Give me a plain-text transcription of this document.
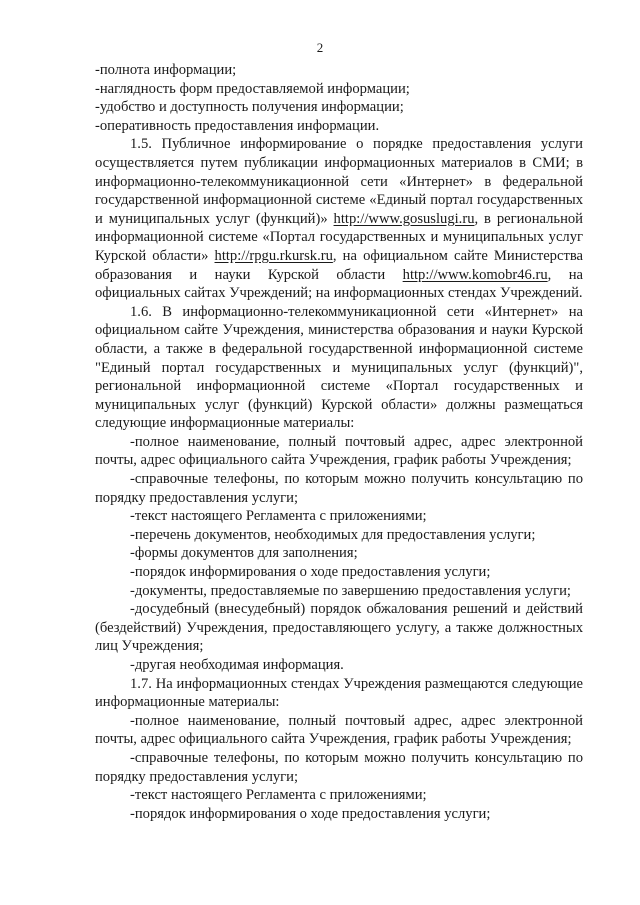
2

-полнота информации;

-наглядность форм предоставляемой информации;

-удобство и доступность получения информации;

-оперативность предоставления информации.

1.5. Публичное информирование о порядке предоставления услуги осуществляется путем публикации информационных материалов в СМИ; в информационно-телекоммуникационной сети «Интернет» в федеральной государственной информационной системе «Единый портал государственных и муниципальных услуг (функций)» http://www.gosuslugi.ru, в региональной информационной системе «Портал государственных и муниципальных услуг Курской области» http://rpgu.rkursk.ru, на официальном сайте Министерства образования и науки Курской области http://www.komobr46.ru, на официальных сайтах Учреждений; на информационных стендах Учреждений.

1.6. В информационно-телекоммуникационной сети «Интернет» на официальном сайте Учреждения, министерства образования и науки Курской области, а также в федеральной государственной информационной системе "Единый портал государственных и муниципальных услуг (функций)", региональной информационной системе «Портал государственных и муниципальных услуг (функций) Курской области» должны размещаться следующие информационные материалы:

-полное наименование, полный почтовый адрес, адрес электронной почты, адрес официального сайта Учреждения, график работы Учреждения;

-справочные телефоны, по которым можно получить консультацию по порядку предоставления услуги;

-текст настоящего Регламента с приложениями;

-перечень документов, необходимых для предоставления услуги;

-формы документов для заполнения;

-порядок информирования о ходе предоставления услуги;

-документы, предоставляемые по завершению предоставления услуги;

-досудебный (внесудебный) порядок обжалования решений и действий (бездействий) Учреждения, предоставляющего услугу, а также должностных лиц Учреждения;

-другая необходимая информация.

1.7. На информационных стендах Учреждения размещаются следующие информационные материалы:

-полное наименование, полный почтовый адрес, адрес электронной почты, адрес официального сайта Учреждения, график работы Учреждения;

-справочные телефоны, по которым можно получить консультацию по порядку предоставления услуги;

-текст настоящего Регламента с приложениями;

-порядок информирования о ходе предоставления услуги;
